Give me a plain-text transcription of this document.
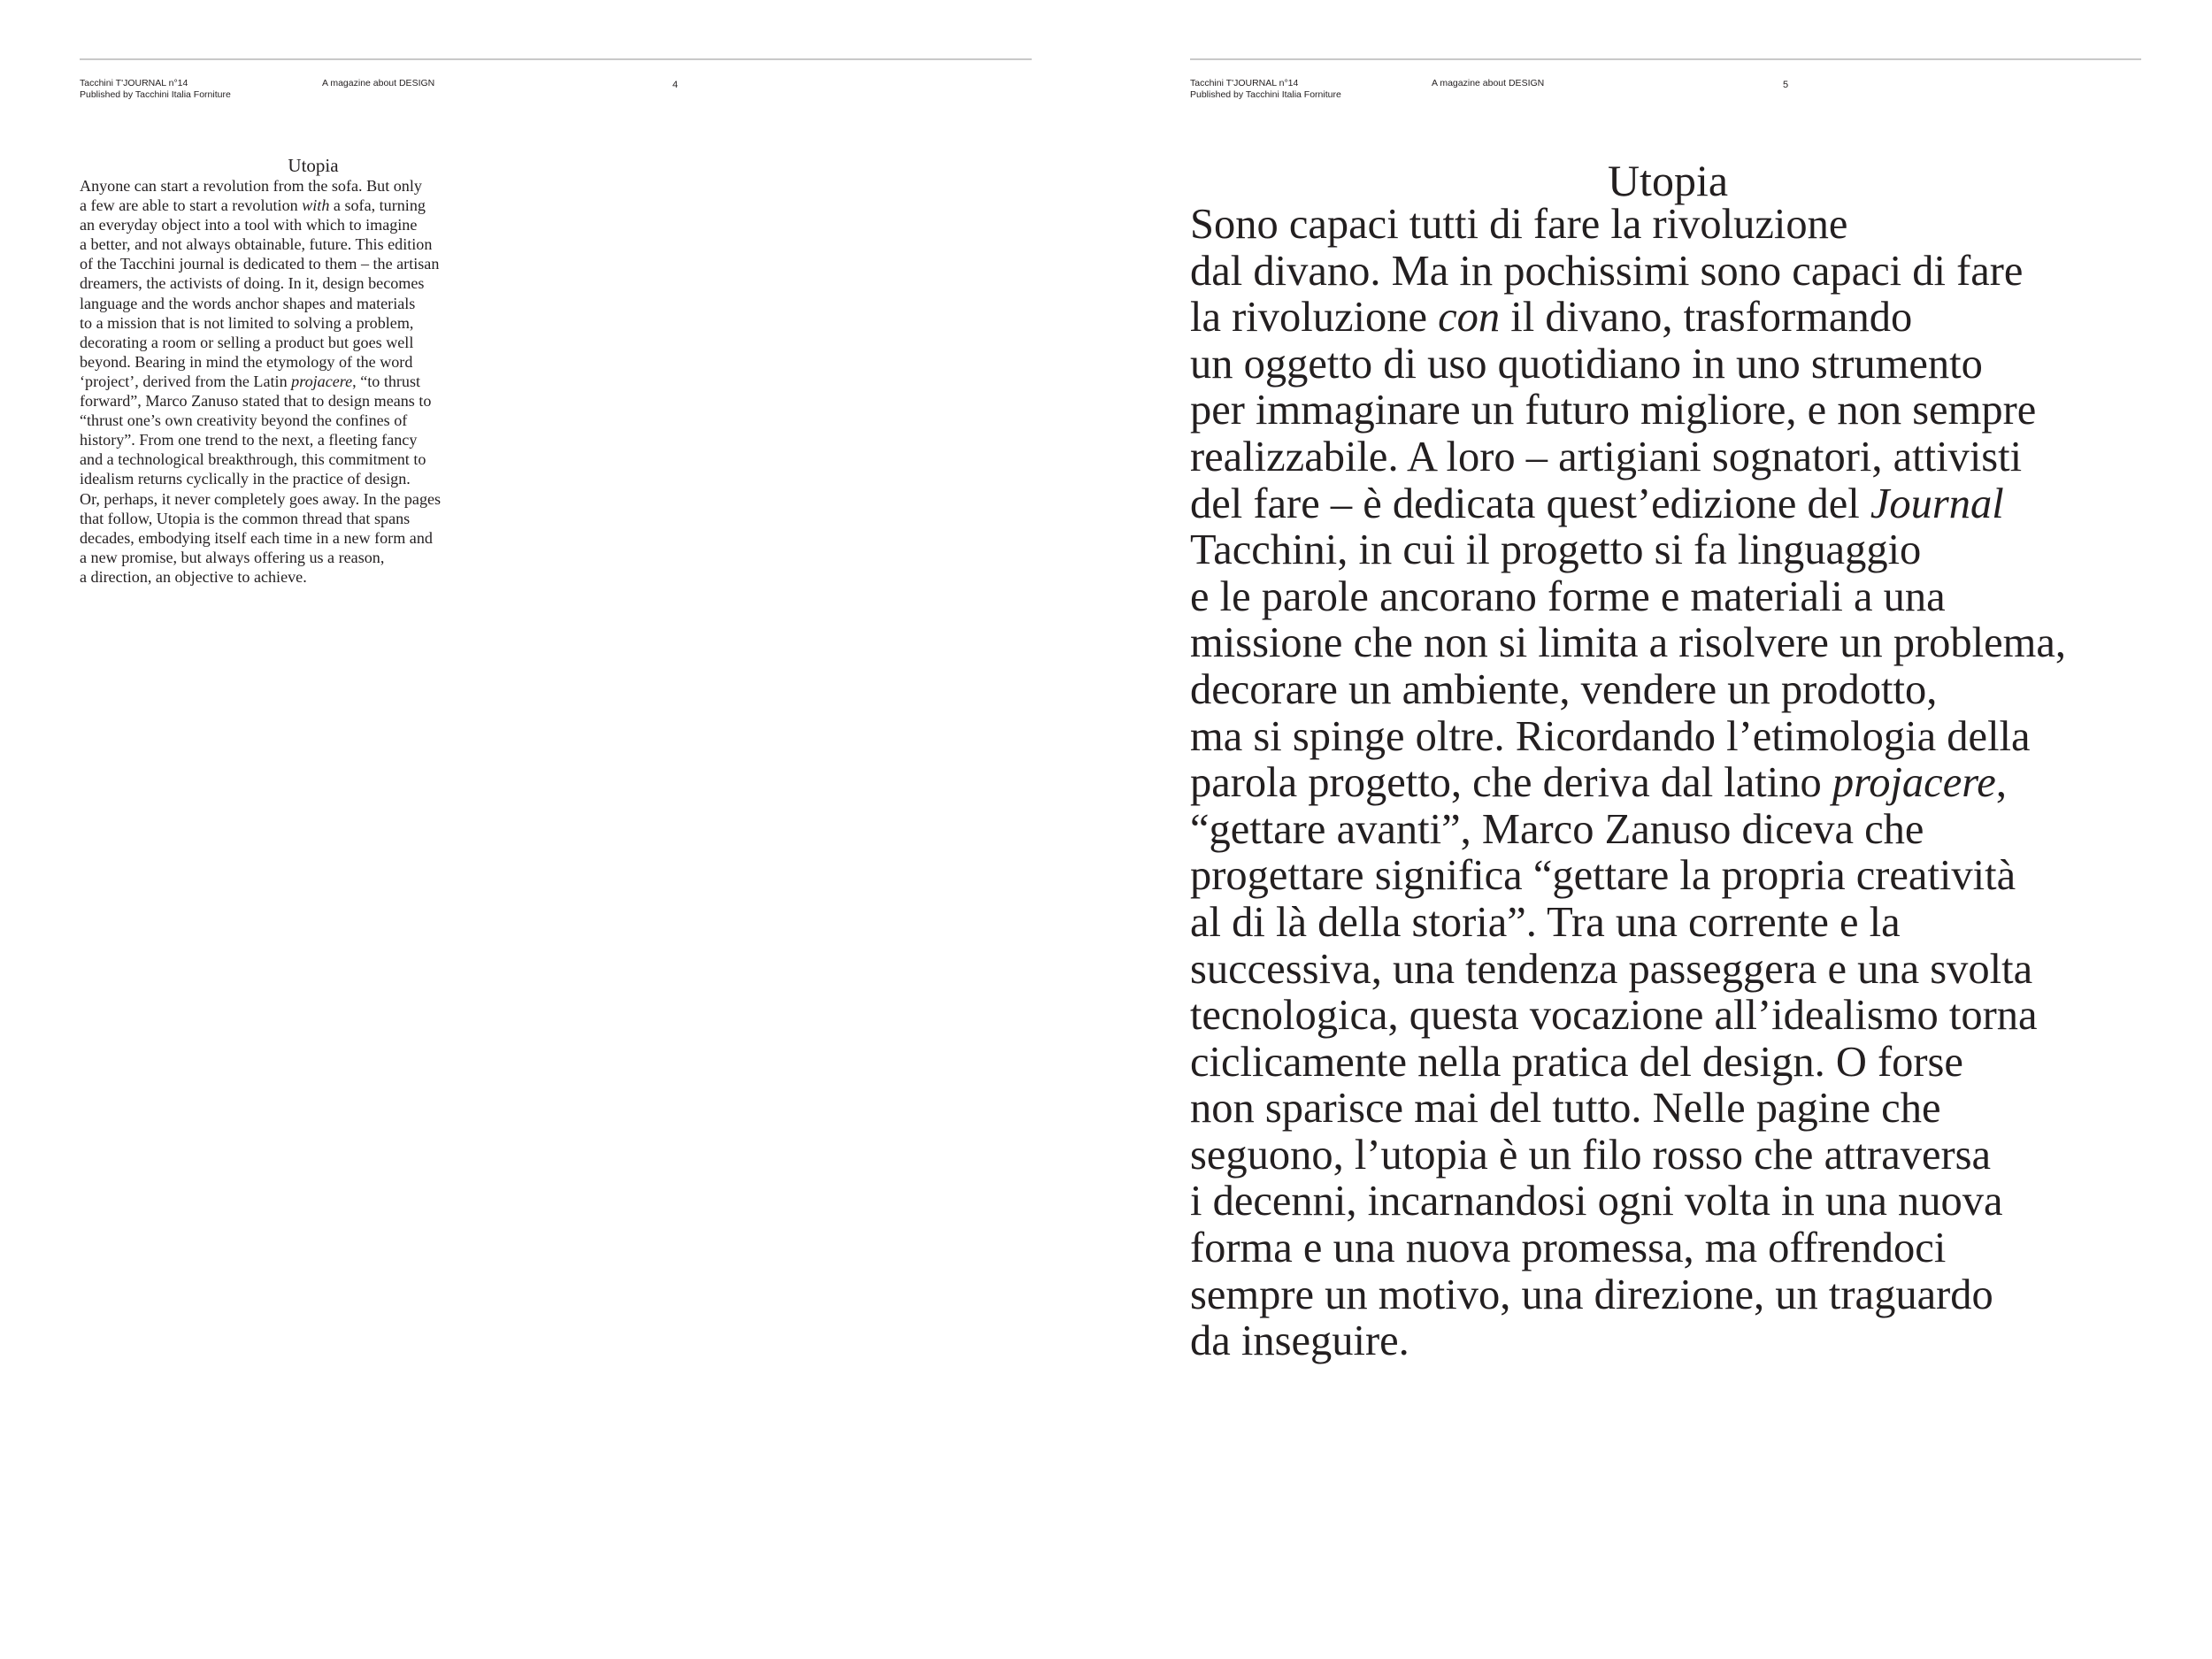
Tacchini T'JOURNAL n°14
Published by Tacchini Italia Forniture
A magazine about DESIGN	4
Utopia
Anyone can start a revolution from the sofa. But only
a few are able to start a revolution with a sofa, turning
an everyday object into a tool with which to imagine
a better, and not always obtainable, future. This edition
of the Tacchini journal is dedicated to them – the artisan
dreamers, the activists of doing. In it, design becomes
language and the words anchor shapes and materials
to a mission that is not limited to solving a problem,
decorating a room or selling a product but goes well
beyond. Bearing in mind the etymology of the word
‘project’, derived from the Latin projacere, “to thrust
forward”, Marco Zanuso stated that to design means to
“thrust one’s own creativity beyond the confines of
history”. From one trend to the next, a fleeting fancy
and a technological breakthrough, this commitment to
idealism returns cyclically in the practice of design.
Or, perhaps, it never completely goes away. In the pages
that follow, Utopia is the common thread that spans
decades, embodying itself each time in a new form and
a new promise, but always offering us a reason,
a direction, an objective to achieve.
Tacchini T'JOURNAL n°14
Published by Tacchini Italia Forniture
A magazine about DESIGN	5
Utopia
Sono capaci tutti di fare la rivoluzione
dal divano. Ma in pochissimi sono capaci di fare
la rivoluzione con il divano, trasformando
un oggetto di uso quotidiano in uno strumento
per immaginare un futuro migliore, e non sempre
realizzabile. A loro – artigiani sognatori, attivisti
del fare – è dedicata quest’edizione del Journal
Tacchini, in cui il progetto si fa linguaggio
e le parole ancorano forme e materiali a una
missione che non si limita a risolvere un problema,
decorare un ambiente, vendere un prodotto,
ma si spinge oltre. Ricordando l’etimologia della
parola progetto, che deriva dal latino projacere,
“gettare avanti”, Marco Zanuso diceva che
progettare significa “gettare la propria creatività
al di là della storia”. Tra una corrente e la
successiva, una tendenza passeggera e una svolta
tecnologica, questa vocazione all’idealismo torna
ciclicamente nella pratica del design. O forse
non sparisce mai del tutto. Nelle pagine che
seguono, l’utopia è un filo rosso che attraversa
i decenni, incarnandosi ogni volta in una nuova
forma e una nuova promessa, ma offrendoci
sempre un motivo, una direzione, un traguardo
da inseguire.
